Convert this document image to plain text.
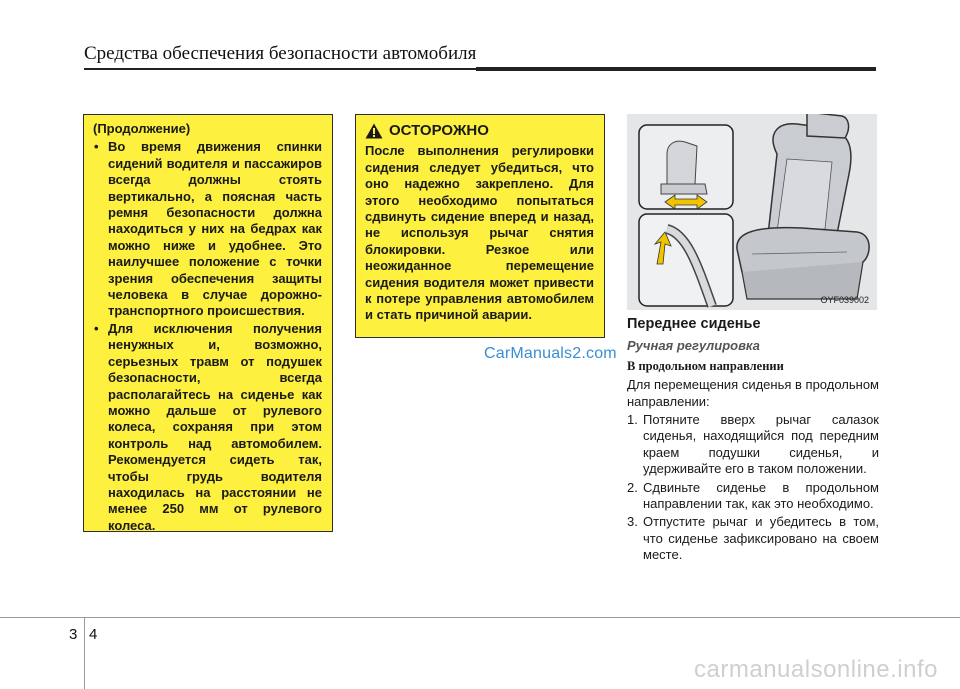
Средства обеспечения безопасности автомобиля
(Продолжение)
• Во время движения спинки сидений водителя и пассажиров всегда должны стоять вертикально, а поясная часть ремня безопасности должна находиться у них на бедрах как можно ниже и удобнее. Это наилучшее положение с точки зрения обеспечения защиты человека в случае дорожно-транспортного происшествия.
• Для исключения получения ненужных и, возможно, серьезных травм от подушек безопасности, всегда располагайтесь на сиденье как можно дальше от рулевого колеса, сохраняя при этом контроль над автомобилем. Рекомендуется сидеть так, чтобы грудь водителя находилась на расстоянии не менее 250 мм от рулевого колеса.
ОСТОРОЖНО
После выполнения регулировки сидения следует убедиться, что оно надежно закреплено. Для этого необходимо попытаться сдвинуть сидение вперед и назад, не используя рычаг снятия блокировки. Резкое или неожиданное перемещение сидения водителя может привести к потере управления автомобилем и стать причиной аварии.
CarManuals2.com
OYF039002
Переднее сиденье
Ручная регулировка
В продольном направлении
Для перемещения сиденья в продольном направлении:
1. Потяните вверх рычаг салазок сиденья, находящийся под передним краем подушки сиденья, и удерживайте его в таком положении.
2. Сдвиньте сиденье в продольном направлении так, как это необходимо.
3. Отпустите рычаг и убедитесь в том, что сиденье зафиксировано на своем месте.
3 4
carmanualsonline.info
